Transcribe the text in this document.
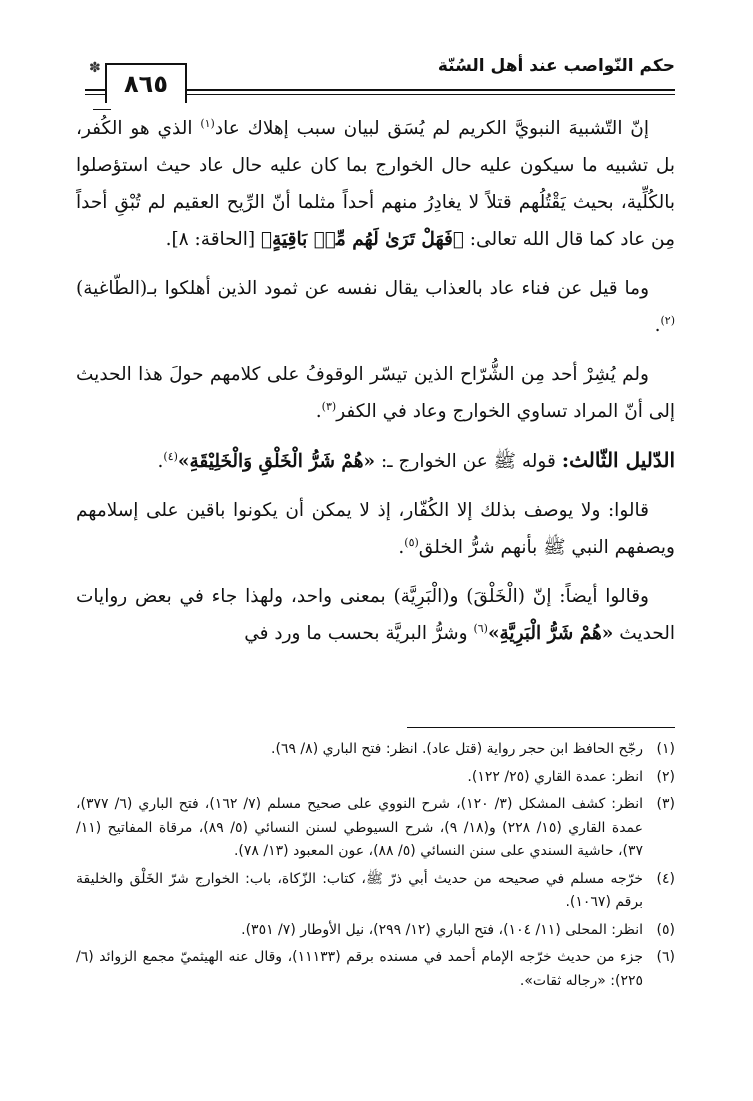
حكم النّواصب عند أهل السُنّة
✽
٨٦٥

إنّ التّشبيهَ النبويَّ الكريم لم يُسَق لبيان سبب إهلاك عاد$^{(١)}$ الذي هو الكُفر، بل تشبيه ما سيكون عليه حال الخوارج بما كان عليه حال عاد حيث استؤصلوا بالكُلِّية، بحيث يَقْتُلُهم قتلاً لا يغادِرُ منهم أحداً مثلما أنّ الرِّيح العقيم لم تُبْقِ أحداً مِن عاد كما قال الله تعالى: ﴿فَهَلْ تَرَىٰ لَهُم مِّنۢ بَاقِيَةٍ﴾ [الحاقة: ٨].

وما قيل عن فناء عاد بالعذاب يقال نفسه عن ثمود الذين أهلكوا بـ(الطّاغية)$^{(٢)}$.

ولم يُشِرْ أحد مِن الشُّرّاح الذين تيسّر الوقوفُ على كلامهم حولَ هذا الحديث إلى أنّ المراد تساوي الخوارج وعاد في الكفر$^{(٣)}$.

الدّليل الثّالث: قوله ﷺ عن الخوارج ـ: «هُمْ شَرُّ الْخَلْقِ وَالْخَلِيْقَةِ»$^{(٤)}$.

قالوا: ولا يوصف بذلك إلا الكُفّار، إذ لا يمكن أن يكونوا باقين على إسلامهم ويصفهم النبي ﷺ بأنهم شرُّ الخلق$^{(٥)}$.

وقالوا أيضاً: إنّ (الْخَلْقَ) و(الْبَرِيَّة) بمعنى واحد، ولهذا جاء في بعض روايات الحديث «هُمْ شَرُّ الْبَرِيَّةِ»$^{(٦)}$ وشرُّ البريَّة بحسب ما ورد في

(١)
رجّح الحافظ ابن حجر رواية (قتل عاد). انظر: فتح الباري (٨/ ٦٩).
(٢)
انظر: عمدة القاري (٢٥/ ١٢٢).
(٣)
انظر: كشف المشكل (٣/ ١٢٠)، شرح النووي على صحيح مسلم (٧/ ١٦٢)، فتح الباري (٦/ ٣٧٧)، عمدة القاري (١٥/ ٢٢٨) و(١٨/ ٩)، شرح السيوطي لسنن النسائي (٥/ ٨٩)، مرقاة المفاتيح (١١/ ٣٧)، حاشية السندي على سنن النسائي (٥/ ٨٨)، عون المعبود (١٣/ ٧٨).
(٤)
خرّجه مسلم في صحيحه من حديث أبي ذرّ ﷺ، كتاب: الزّكاة، باب: الخوارج شرّ الخَلْق والخليقة برقم (١٠٦٧).
(٥)
انظر: المحلى (١١/ ١٠٤)، فتح الباري (١٢/ ٢٩٩)، نيل الأوطار (٧/ ٣٥١).
(٦)
جزء من حديث خرّجه الإمام أحمد في مسنده برقم (١١١٣٣)، وقال عنه الهيثميّ مجمع الزوائد (٦/ ٢٢٥): «رجاله ثقات».
